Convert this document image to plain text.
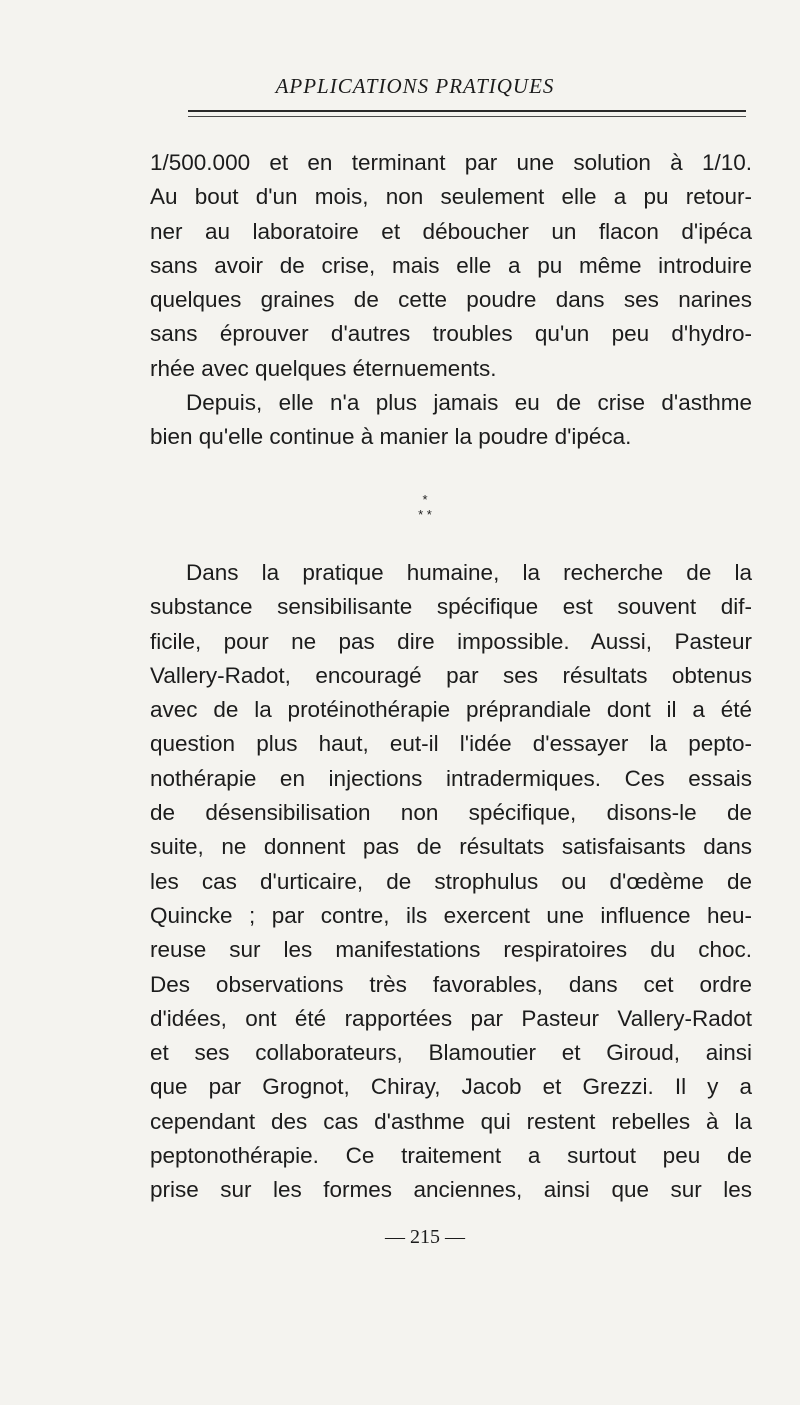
APPLICATIONS PRATIQUES
1/500.000 et en terminant par une solution à 1/10.
Au bout d'un mois, non seulement elle a pu retour-
ner au laboratoire et déboucher un flacon d'ipéca
sans avoir de crise, mais elle a pu même introduire
quelques graines de cette poudre dans ses narines
sans éprouver d'autres troubles qu'un peu d'hydro-
rhée avec quelques éternuements.
Depuis, elle n'a plus jamais eu de crise d'asthme
bien qu'elle continue à manier la poudre d'ipéca.
*
* *
Dans la pratique humaine, la recherche de la
substance sensibilisante spécifique est souvent dif-
ficile, pour ne pas dire impossible. Aussi, Pasteur
Vallery-Radot, encouragé par ses résultats obtenus
avec de la protéinothérapie préprandiale dont il a été
question plus haut, eut-il l'idée d'essayer la pepto-
nothérapie en injections intradermiques. Ces essais
de désensibilisation non spécifique, disons-le de
suite, ne donnent pas de résultats satisfaisants dans
les cas d'urticaire, de strophulus ou d'œdème de
Quincke ; par contre, ils exercent une influence heu-
reuse sur les manifestations respiratoires du choc.
Des observations très favorables, dans cet ordre
d'idées, ont été rapportées par Pasteur Vallery-Radot
et ses collaborateurs, Blamoutier et Giroud, ainsi
que par Grognot, Chiray, Jacob et Grezzi. Il y a
cependant des cas d'asthme qui restent rebelles à la
peptonothérapie. Ce traitement a surtout peu de
prise sur les formes anciennes, ainsi que sur les
— 215 —
